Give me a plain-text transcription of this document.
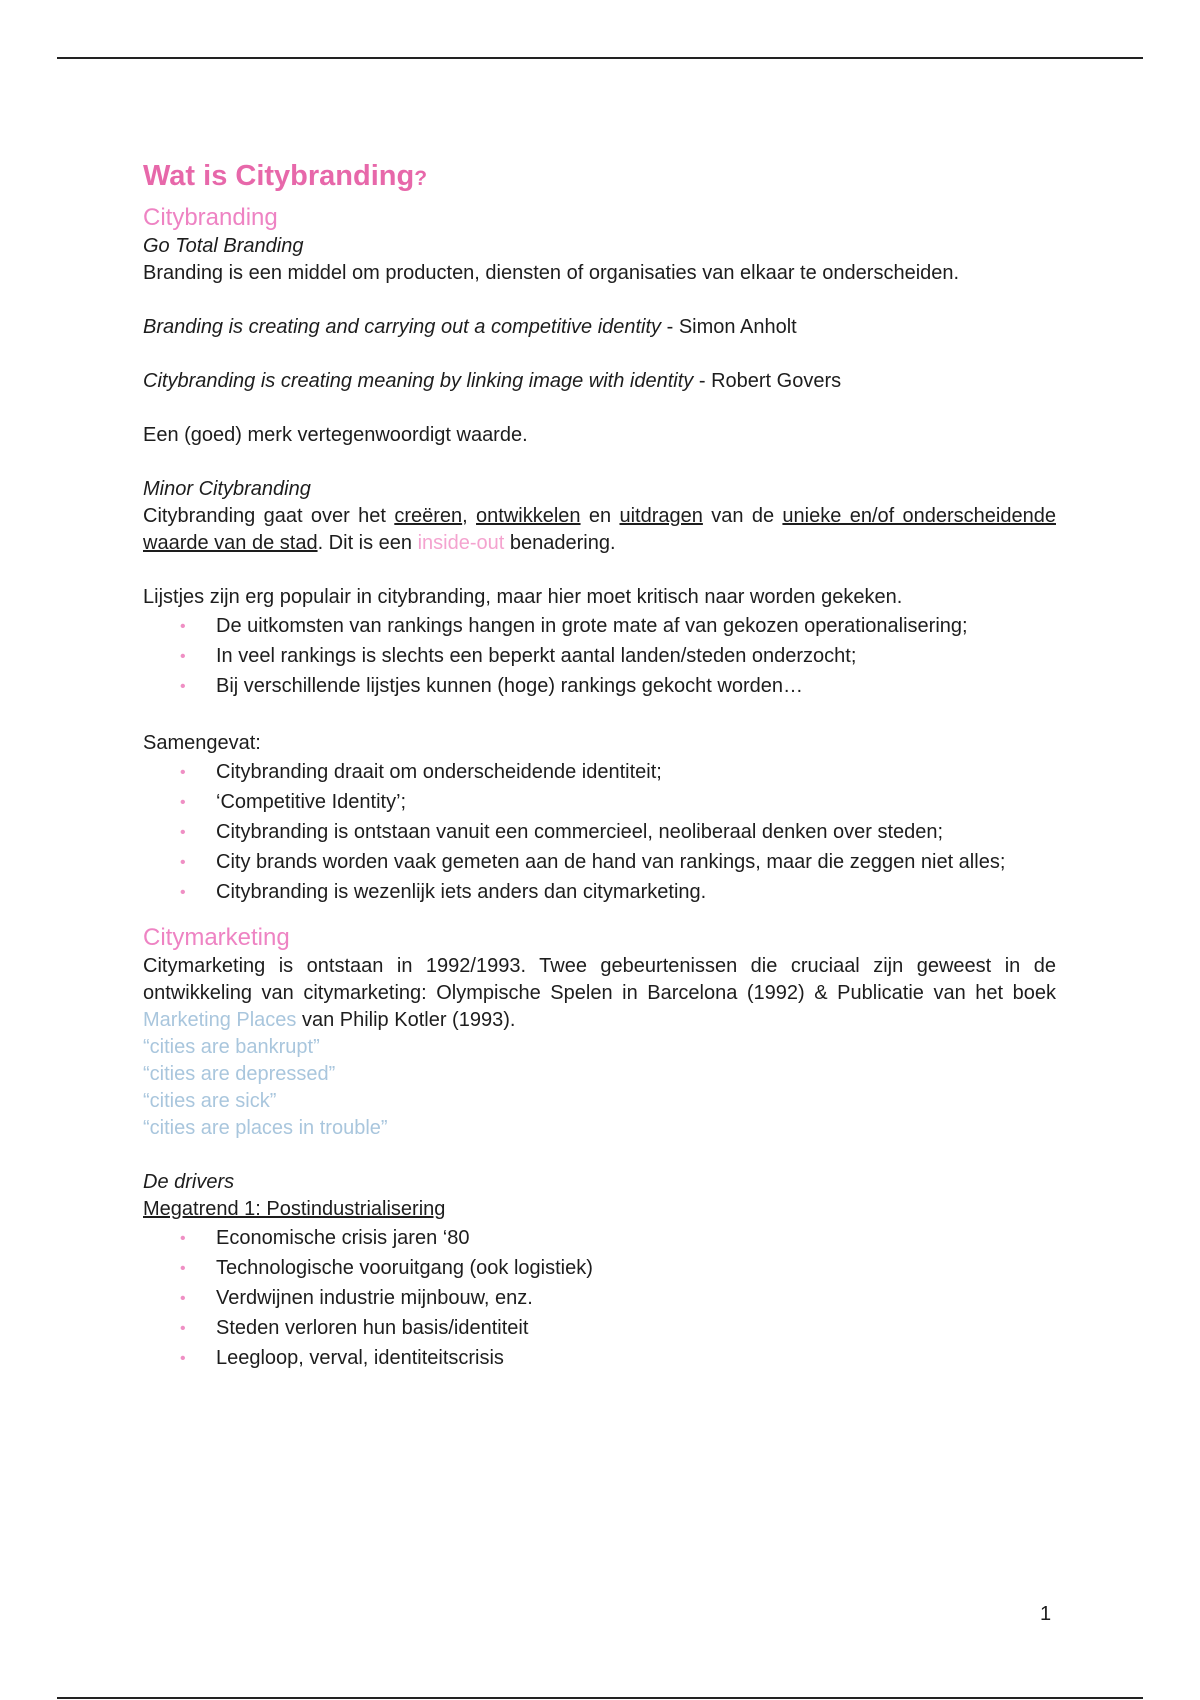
Wat is Citybranding?
Citybranding

Go Total Branding

Branding is een middel om producten, diensten of organisaties van elkaar te onderscheiden.

Branding is creating and carrying out a competitive identity - Simon Anholt

Citybranding is creating meaning by linking image with identity - Robert Govers

Een (goed) merk vertegenwoordigt waarde.

Minor Citybranding

Citybranding gaat over het creëren, ontwikkelen en uitdragen van de unieke en/of onderscheidende waarde van de stad. Dit is een inside-out benadering.

Lijstjes zijn erg populair in citybranding, maar hier moet kritisch naar worden gekeken.

• De uitkomsten van rankings hangen in grote mate af van gekozen operationalisering;
• In veel rankings is slechts een beperkt aantal landen/steden onderzocht;
• Bij verschillende lijstjes kunnen (hoge) rankings gekocht worden…

Samengevat:

• Citybranding draait om onderscheidende identiteit;
• ‘Competitive Identity’;
• Citybranding is ontstaan vanuit een commercieel, neoliberaal denken over steden;
• City brands worden vaak gemeten aan de hand van rankings, maar die zeggen niet alles;
• Citybranding is wezenlijk iets anders dan citymarketing.
Citymarketing

Citymarketing is ontstaan in 1992/1993. Twee gebeurtenissen die cruciaal zijn geweest in de ontwikkeling van citymarketing: Olympische Spelen in Barcelona (1992) & Publicatie van het boek Marketing Places van Philip Kotler (1993).

“cities are bankrupt”

“cities are depressed”

“cities are sick”

“cities are places in trouble”

De drivers

Megatrend 1: Postindustrialisering

• Economische crisis jaren ‘80
• Technologische vooruitgang (ook logistiek)
• Verdwijnen industrie mijnbouw, enz.
• Steden verloren hun basis/identiteit
• Leegloop, verval, identiteitscrisis
1
